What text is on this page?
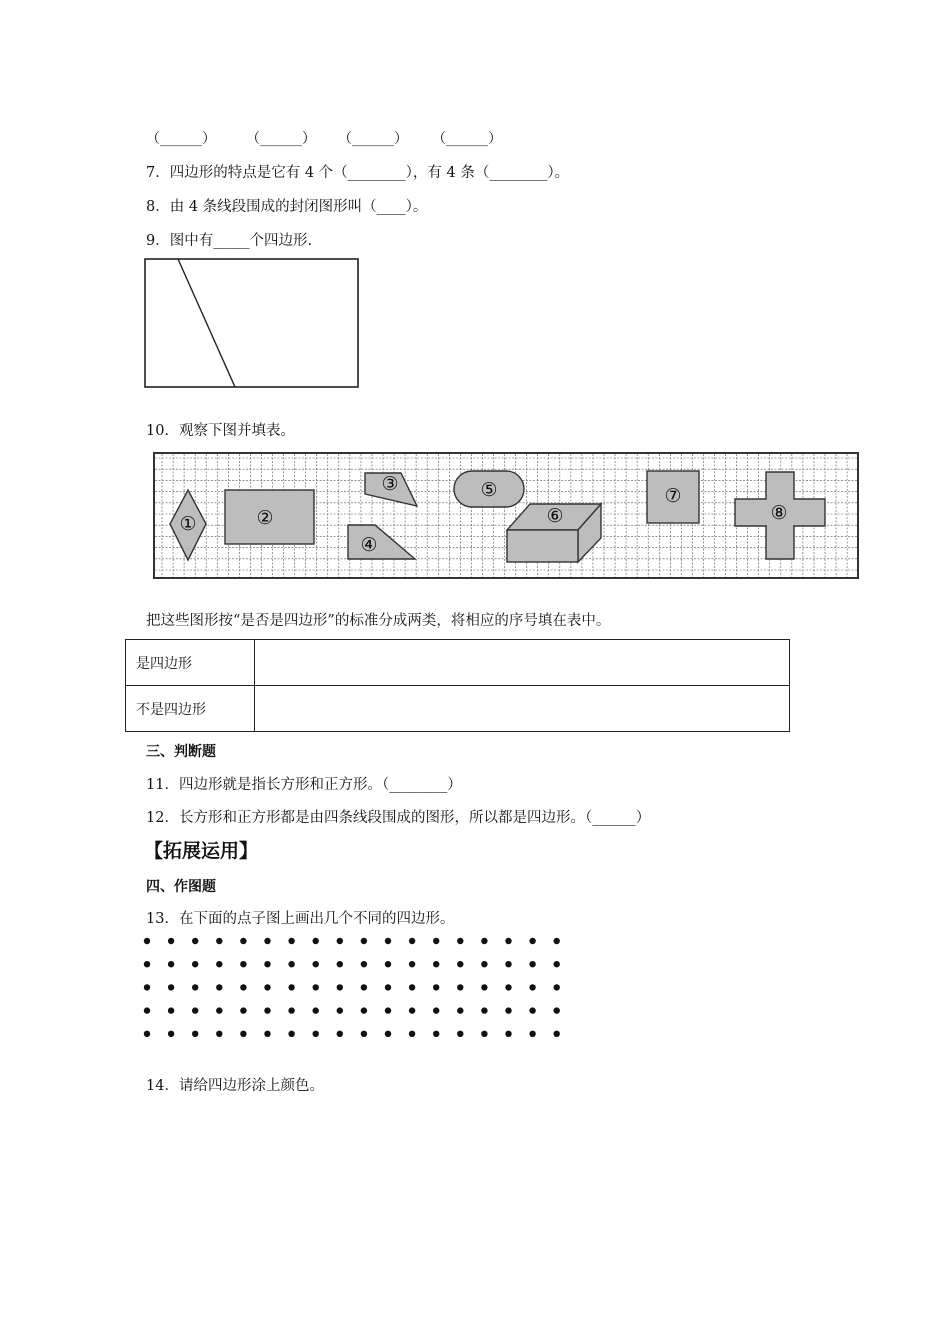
（______） （______） （______） （______）
7．四边形的特点是它有 4 个（________），有 4 条（________）。
8．由 4 条线段围成的封闭图形叫（____）。
9．图中有_____个四边形.
10．观察下图并填表。
①	②
③
④
⑤
⑥
⑦
⑧
把这些图形按“是否是四边形”的标准分成两类，将相应的序号填在表中。
是四边形	
不是四边形	
三、判断题
11．四边形就是指长方形和正方形。（________）
12．长方形和正方形都是由四条线段围成的图形，所以都是四边形。（______）
【拓展运用】
四、作图题
13．在下面的点子图上画出几个不同的四边形。
14．请给四边形涂上颜色。
